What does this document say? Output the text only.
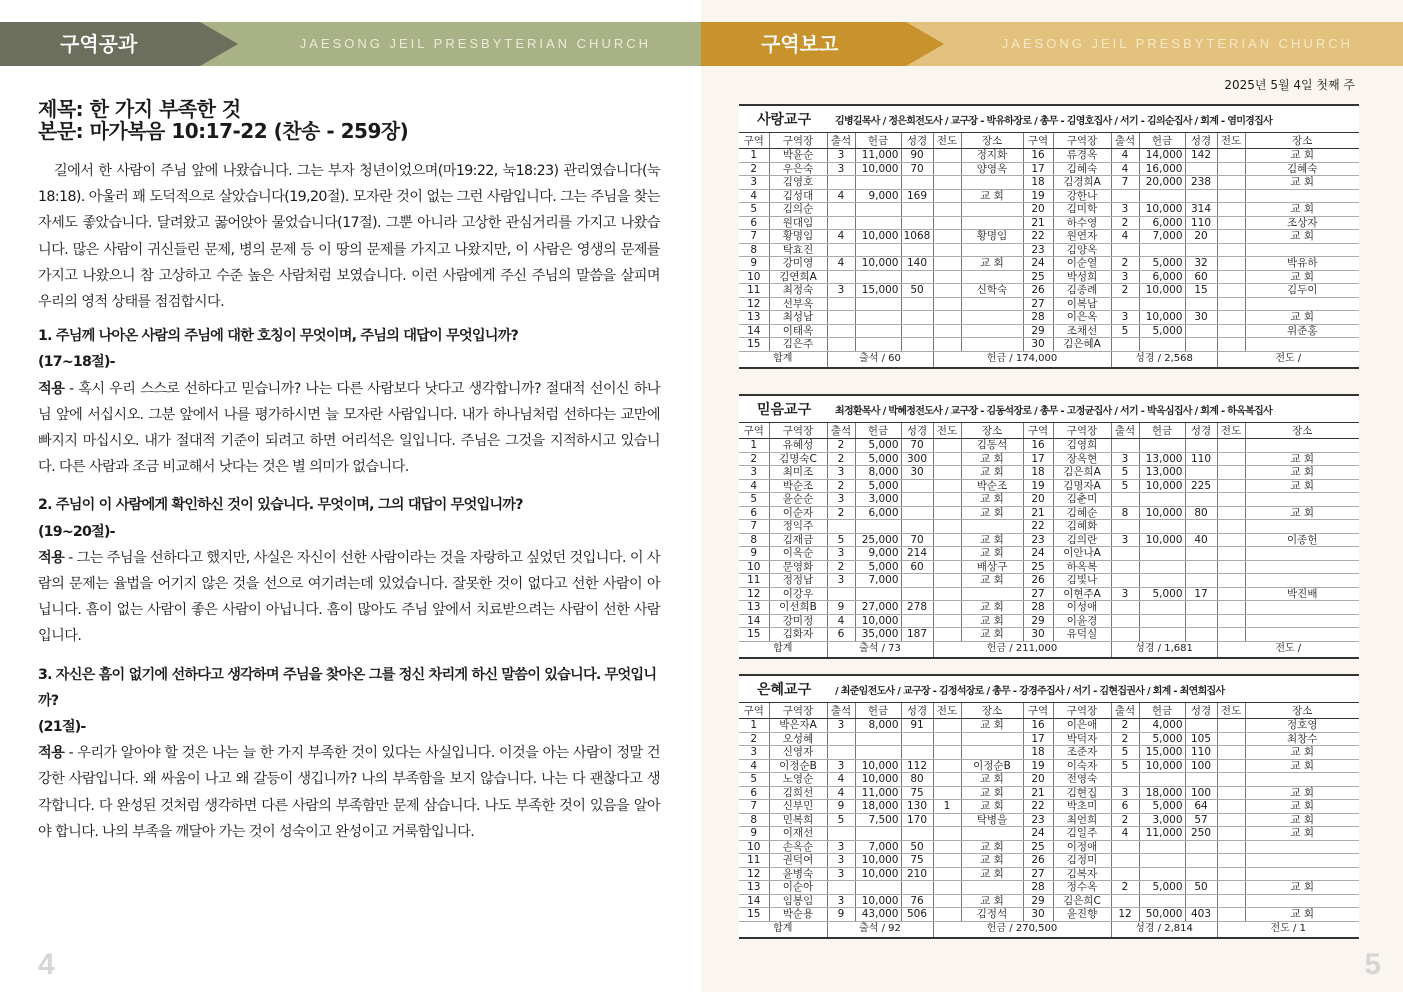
구역공과	JAESONG JEIL PRESBYTERIAN CHURCH

제목: 한 가지 부족한 것

본문: 마가복음 10:17-22 (찬송 - 259장)

길에서 한 사람이 주님 앞에 나왔습니다. 그는 부자 청년이었으며(마19:22, 눅18:23) 관리였습니다(눅18:18). 아울러 꽤 도덕적으로 살았습니다(19,20절). 모자란 것이 없는 그런 사람입니다. 그는 주님을 찾는 자세도 좋았습니다. 달려왔고 꿇어앉아 물었습니다(17절). 그뿐 아니라 고상한 관심거리를 가지고 나왔습니다. 많은 사람이 귀신들린 문제, 병의 문제 등 이 땅의 문제를 가지고 나왔지만, 이 사람은 영생의 문제를 가지고 나왔으니 참 고상하고 수준 높은 사람처럼 보였습니다. 이런 사람에게 주신 주님의 말씀을 살피며 우리의 영적 상태를 점검합시다.

1. 주님께 나아온 사람의 주님에 대한 호칭이 무엇이며, 주님의 대답이 무엇입니까?

(17~18절)-

적용 - 혹시 우리 스스로 선하다고 믿습니까? 나는 다른 사람보다 낫다고 생각합니까? 절대적 선이신 하나님 앞에 서십시오. 그분 앞에서 나를 평가하시면 늘 모자란 사람입니다. 내가 하나님처럼 선하다는 교만에 빠지지 마십시오. 내가 절대적 기준이 되려고 하면 어리석은 일입니다. 주님은 그것을 지적하시고 있습니다. 다른 사람과 조금 비교해서 낫다는 것은 별 의미가 없습니다.

2. 주님이 이 사람에게 확인하신 것이 있습니다. 무엇이며, 그의 대답이 무엇입니까?

(19~20절)-

적용 - 그는 주님을 선하다고 했지만, 사실은 자신이 선한 사람이라는 것을 자랑하고 싶었던 것입니다. 이 사람의 문제는 율법을 어기지 않은 것을 선으로 여기려는데 있었습니다. 잘못한 것이 없다고 선한 사람이 아닙니다. 흠이 없는 사람이 좋은 사람이 아닙니다. 흠이 많아도 주님 앞에서 치료받으려는 사람이 선한 사람입니다.

3. 자신은 흠이 없기에 선하다고 생각하며 주님을 찾아온 그를 정신 차리게 하신 말씀이 있습니다. 무엇입니까?

(21절)-

적용 - 우리가 알아야 할 것은 나는 늘 한 가지 부족한 것이 있다는 사실입니다. 이것을 아는 사람이 정말 건강한 사람입니다. 왜 싸움이 나고 왜 갈등이 생깁니까? 나의 부족함을 보지 않습니다. 나는 다 괜찮다고 생각합니다. 다 완성된 것처럼 생각하면 다른 사람의 부족함만 문제 삼습니다. 나도 부족한 것이 있음을 알아야 합니다. 나의 부족을 깨달아 가는 것이 성숙이고 완성이고 거룩함입니다.

4
구역보고	JAESONG JEIL PRESBYTERIAN CHURCH
2025년 5월 4일 첫째 주
사랑교구 김병길목사 / 정은희전도사 / 교구장 - 박유하장로 / 총무 - 김영호집사 / 서기 - 김의순집사 / 회계 - 염미경집사
구역	구역장	출석	헌금	성경	전도	장소	구역	구역장	출석	헌금	성경	전도	장소
1	박윤순	3	11,000	90		정지화	16	류경옥	4	14,000	142		교 회
2	우은숙	3	10,000	70		양영옥	17	김혜숙	4	16,000			김혜숙
3	김영호						18	김경희A	7	20,000	238		교 회
4	김성대	4	9,000	169		교 회	19	강한나					
5	김의순						20	김미학	3	10,000	314		교 회
6	원대임						21	하수영	2	6,000	110		조상자
7	황명임	4	10,000	1068		황명임	22	원연자	4	7,000	20		교 회
8	탁효진						23	김양옥					
9	강미영	4	10,000	140		교 회	24	이순열	2	5,000	32		박유하
10	김연희A						25	박성희	3	6,000	60		교 회
11	최정숙	3	15,000	50		신학숙	26	김종례	2	10,000	15		김두이
12	선부옥						27	이복남					
13	최성남						28	이은옥	3	10,000	30		교 회
14	이태옥						29	조채선	5	5,000			위준홍
15	김은주						30	김은혜A					
합계		출석 / 60			헌금 / 174,000				성경 / 2,568			전도 /	
믿음교구 최정환목사 / 박혜정전도사 / 교구장 - 김동석장로 / 총무 - 고정균집사 / 서기 - 박옥심집사 / 회계 - 하옥복집사
구역	구역장	출석	헌금	성경	전도	장소	구역	구역장	출석	헌금	성경	전도	장소
1	유혜성	2	5,000	70		김동석	16	김영희					
2	김명숙C	2	5,000	300		교 회	17	장옥현	3	13,000	110		교 회
3	최미조	3	8,000	30		교 회	18	김은희A	5	13,000			교 회
4	박순조	2	5,000			박순조	19	김명자A	5	10,000	225		교 회
5	윤순순	3	3,000			교 회	20	김춘미					
6	이순자	2	6,000			교 회	21	김혜순	8	10,000	80		교 회
7	정익주						22	김혜화					
8	김재금	5	25,000	70		교 회	23	김의란	3	10,000	40		이종헌
9	이옥순	3	9,000	214		교 회	24	이안나A					
10	문영화	2	5,000	60		배상구	25	하옥복					
11	정정남	3	7,000			교 회	26	김빛나					
12	이강우						27	이현주A	3	5,000	17		박진배
13	이선희B	9	27,000	278		교 회	28	이성애					
14	강미정	4	10,000			교 회	29	이윤경					
15	김화자	6	35,000	187		교 회	30	유덕실					
합계		출석 / 73			헌금 / 211,000				성경 / 1,681			전도 /	
은혜교구 / 최준임전도사 / 교구장 - 김정석장로 / 총무 - 강경주집사 / 서기 - 김현집권사 / 회계 - 최연희집사
구역	구역장	출석	헌금	성경	전도	장소	구역	구역장	출석	헌금	성경	전도	장소
1	박은자A	3	8,000	91		교 회	16	이은애	2	4,000			정호영
2	오성혜						17	박덕자	2	5,000	105		최창수
3	신영자						18	조준자	5	15,000	110		교 회
4	이정순B	3	10,000	112		이정순B	19	이숙자	5	10,000	100		교 회
5	노영순	4	10,000	80		교 회	20	전영숙					
6	김희선	4	11,000	75		교 회	21	김현집	3	18,000	100		교 회
7	신부민	9	18,000	130	1	교 회	22	박초미	6	5,000	64		교 회
8	민복희	5	7,500	170		탁병을	23	최언희	2	3,000	57		교 회
9	이재선						24	김일주	4	11,000	250		교 회
10	손옥순	3	7,000	50		교 회	25	이정애					
11	권덕여	3	10,000	75		교 회	26	김정미					
12	윤병숙	3	10,000	210		교 회	27	김복자					
13	이순아						28	정수옥	2	5,000	50		교 회
14	임봉임	3	10,000	76		교 회	29	김은희C					
15	박순용	9	43,000	506		김정석	30	윤진향	12	50,000	403		교 회
합계		출석 / 92			헌금 / 270,500				성경 / 2,814			전도 / 1	
5
